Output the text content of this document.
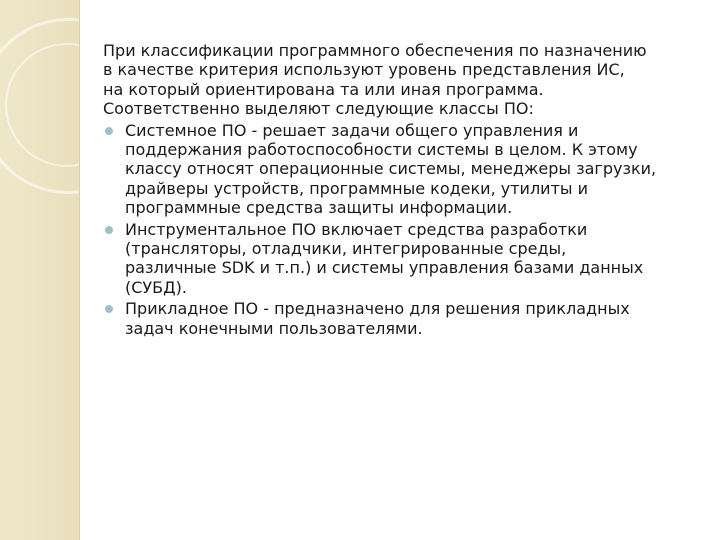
При классификации программного обеспечения по назначению
в качестве критерия используют уровень представления ИС,
на который ориентирована та или иная программа.
Соответственно выделяют следующие классы ПО:
Системное ПО - решает задачи общего управления и
поддержания работоспособности системы в целом. К этому
классу относят операционные системы, менеджеры загрузки,
драйверы устройств, программные кодеки, утилиты и
программные средства защиты информации.
Инструментальное ПО включает средства разработки
(трансляторы, отладчики, интегрированные среды,
различные SDK и т.п.) и системы управления базами данных
(СУБД).
Прикладное ПО - предназначено для решения прикладных
задач конечными пользователями.
